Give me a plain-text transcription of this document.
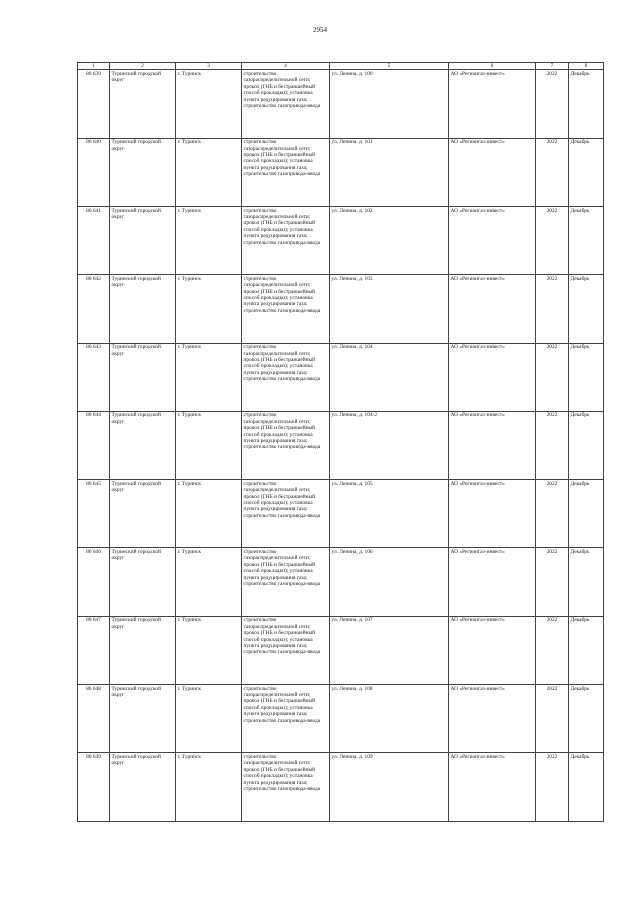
2954
1	2	3	4	5	6	7	8
86 639	Туринский городской округ	г. Туринск	строительство газораспределительной сети; прокол (ГНБ и бестраншейный способ прокладки); установка пункта редуцирования газа; строительство газопровода-ввода	ул. Ленина, д. 100	АО «Регионгаз-инвест»	2022	Декабрь
86 640	Туринский городской округ	г. Туринск	строительство газораспределительной сети; прокол (ГНБ и бестраншейный способ прокладки); установка пункта редуцирования газа; строительство газопровода-ввода	ул. Ленина, д. 101	АО «Регионгаз-инвест»	2022	Декабрь
86 641	Туринский городской округ	г. Туринск	строительство газораспределительной сети; прокол (ГНБ и бестраншейный способ прокладки); установка пункта редуцирования газа; строительство газопровода-ввода	ул. Ленина, д. 102	АО «Регионгаз-инвест»	2022	Декабрь
86 642	Туринский городской округ	г. Туринск	строительство газораспределительной сети; прокол (ГНБ и бестраншейный способ прокладки); установка пункта редуцирования газа; строительство газопровода-ввода	ул. Ленина, д. 103	АО «Регионгаз-инвест»	2022	Декабрь
86 643	Туринский городской округ	г. Туринск	строительство газораспределительной сети; прокол (ГНБ и бестраншейный способ прокладки); установка пункта редуцирования газа; строительство газопровода-ввода	ул. Ленина, д. 104	АО «Регионгаз-инвест»	2022	Декабрь
86 644	Туринский городской округ	г. Туринск	строительство газораспределительной сети; прокол (ГНБ и бестраншейный способ прокладки); установка пункта редуцирования газа; строительство газопровода-ввода	ул. Ленина, д. 104-2	АО «Регионгаз-инвест»	2022	Декабрь
86 645	Туринский городской округ	г. Туринск	строительство газораспределительной сети; прокол (ГНБ и бестраншейный способ прокладки); установка пункта редуцирования газа; строительство газопровода-ввода	ул. Ленина, д. 105	АО «Регионгаз-инвест»	2022	Декабрь
86 646	Туринский городской округ	г. Туринск	строительство газораспределительной сети; прокол (ГНБ и бестраншейный способ прокладки); установка пункта редуцирования газа; строительство газопровода-ввода	ул. Ленина, д. 106	АО «Регионгаз-инвест»	2022	Декабрь
86 647	Туринский городской округ	г. Туринск	строительство газораспределительной сети; прокол (ГНБ и бестраншейный способ прокладки); установка пункта редуцирования газа; строительство газопровода-ввода	ул. Ленина, д. 107	АО «Регионгаз-инвест»	2022	Декабрь
86 648	Туринский городской округ	г. Туринск	строительство газораспределительной сети; прокол (ГНБ и бестраншейный способ прокладки); установка пункта редуцирования газа; строительство газопровода-ввода	ул. Ленина, д. 108	АО «Регионгаз-инвест»	2022	Декабрь
86 649	Туринский городской округ	г. Туринск	строительство газораспределительной сети; прокол (ГНБ и бестраншейный способ прокладки); установка пункта редуцирования газа; строительство газопровода-ввода	ул. Ленина, д. 109	АО «Регионгаз-инвест»	2022	Декабрь
